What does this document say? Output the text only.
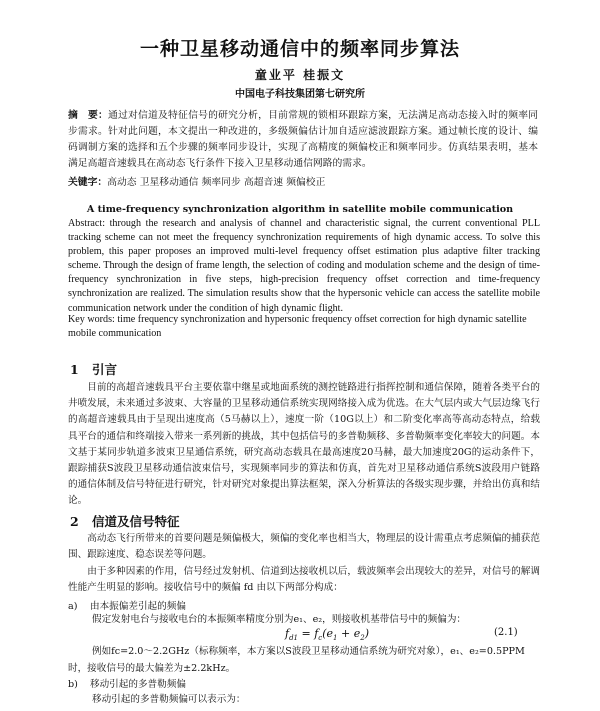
一种卫星移动通信中的频率同步算法
童业平 桂振文
中国电子科技集团第七研究所
摘　要：通过对信道及特征信号的研究分析，目前常规的锁相环跟踪方案，无法满足高动态接入时的频率同步需求。针对此问题，本文提出一种改进的，多级频偏估计加自适应滤波跟踪方案。通过帧长度的设计、编码调制方案的选择和五个步骤的频率同步设计，实现了高精度的频偏校正和频率同步。仿真结果表明，基本满足高超音速载具在高动态飞行条件下接入卫星移动通信网路的需求。
关键字：高动态 卫星移动通信 频率同步 高超音速 频偏校正
A time-frequency synchronization algorithm in satellite mobile communication
Abstract: through the research and analysis of channel and characteristic signal, the current conventional PLL tracking scheme can not meet the frequency synchronization requirements of high dynamic access. To solve this problem, this paper proposes an improved multi-level frequency offset estimation plus adaptive filter tracking scheme. Through the design of frame length, the selection of coding and modulation scheme and the design of time-frequency synchronization in five steps, high-precision frequency offset correction and time-frequency synchronization are realized. The simulation results show that the hypersonic vehicle can access the satellite mobile communication network under the condition of high dynamic flight.
Key words: time frequency synchronization and hypersonic frequency offset correction for high dynamic satellite mobile communication
1 引言
目前的高超音速载具平台主要依靠中继星或地面系统的测控链路进行指挥控制和通信保障，随着各类平台的井喷发展，未来通过多波束、大容量的卫星移动通信系统实现网络接入成为优选。在大气层内或大气层边缘飞行的高超音速载具由于呈现出速度高（5马赫以上），速度一阶（10G以上）和二阶变化率高等高动态特点，给载具平台的通信和终端接入带来一系列新的挑战，其中包括信号的多普勒频移、多普勒频率变化率较大的问题。本文基于某同步轨道多波束卫星通信系统，研究高动态载具在最高速度20马赫，最大加速度20G的运动条件下，跟踪捕获S波段卫星移动通信波束信号，实现频率同步的算法和仿真，首先对卫星移动通信系统S波段用户链路的通信体制及信号特征进行研究，针对研究对象提出算法框架，深入分析算法的各级实现步骤，并给出仿真和结论。
2 信道及信号特征
高动态飞行所带来的首要问题是频偏极大，频偏的变化率也相当大，物理层的设计需重点考虑频偏的捕获范围、跟踪速度、稳态误差等问题。
由于多种因素的作用，信号经过发射机、信道到达接收机以后，载波频率会出现较大的差异，对信号的解调性能产生明显的影响。接收信号中的频偏 fd 由以下两部分构成：
a) 由本振偏差引起的频偏
假定发射电台与接收电台的本振频率精度分别为e₁、e₂，则接收机基带信号中的频偏为：
$f_{d1} = f_c(e_1 + e_2)$	(2.1)
例如fc=2.0～2.2GHz（标称频率，本方案以S波段卫星移动通信系统为研究对象），e₁、e₂=0.5PPM
时，接收信号的最大偏差为±2.2kHz。
b) 移动引起的多普勒频偏
移动引起的多普勒频偏可以表示为：
